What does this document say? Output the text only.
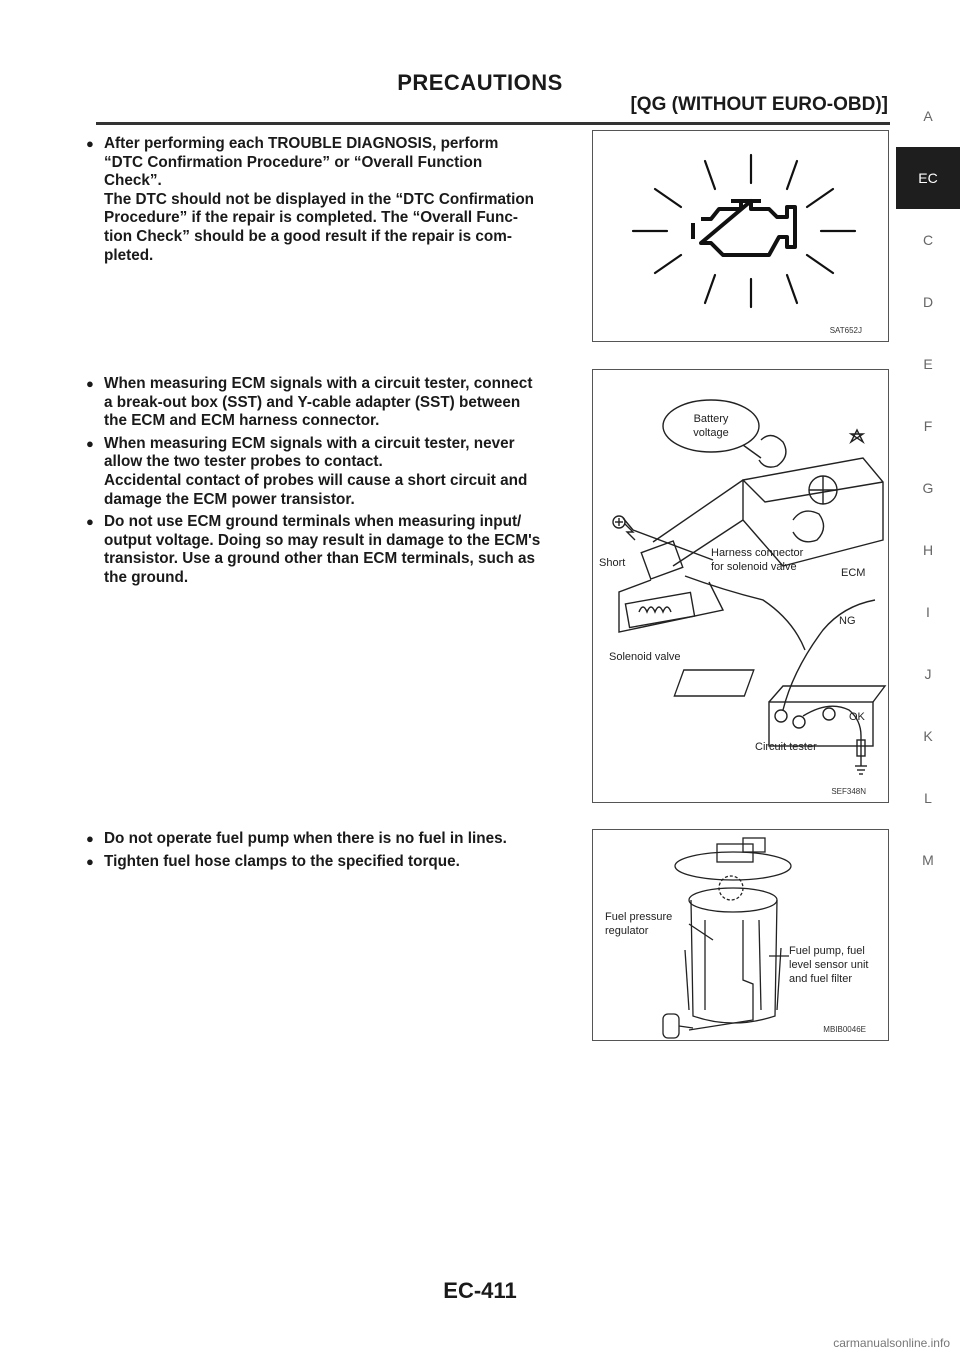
PRECAUTIONS
[QG (WITHOUT EURO-OBD)]
A
EC
C
D
E
F
G
H
I
J
K
L
M
● After performing each TROUBLE DIAGNOSIS, perform
“DTC Confirmation Procedure” or “Overall Function
Check”.
The DTC should not be displayed in the “DTC Confirmation
Procedure” if the repair is completed. The “Overall Func-
tion Check” should be a good result if the repair is com-
pleted.
SAT652J
● When measuring ECM signals with a circuit tester, connect
a break-out box (SST) and Y-cable adapter (SST) between
the ECM and ECM harness connector.
● When measuring ECM signals with a circuit tester, never
allow the two tester probes to contact.
Accidental contact of probes will cause a short circuit and
damage the ECM power transistor.
● Do not use ECM ground terminals when measuring input/
output voltage. Doing so may result in damage to the ECM's
transistor. Use a ground other than ECM terminals, such as
the ground.
Battery
voltage
Short
Harness connector
for solenoid valve	ECM
NG
Solenoid valve
OK
Circuit tester
SEF348N
● Do not operate fuel pump when there is no fuel in lines.
● Tighten fuel hose clamps to the specified torque.
Fuel pressure
regulator
Fuel pump, fuel
level sensor unit
and fuel filter
MBIB0046E
EC-411
carmanualsonline.info
